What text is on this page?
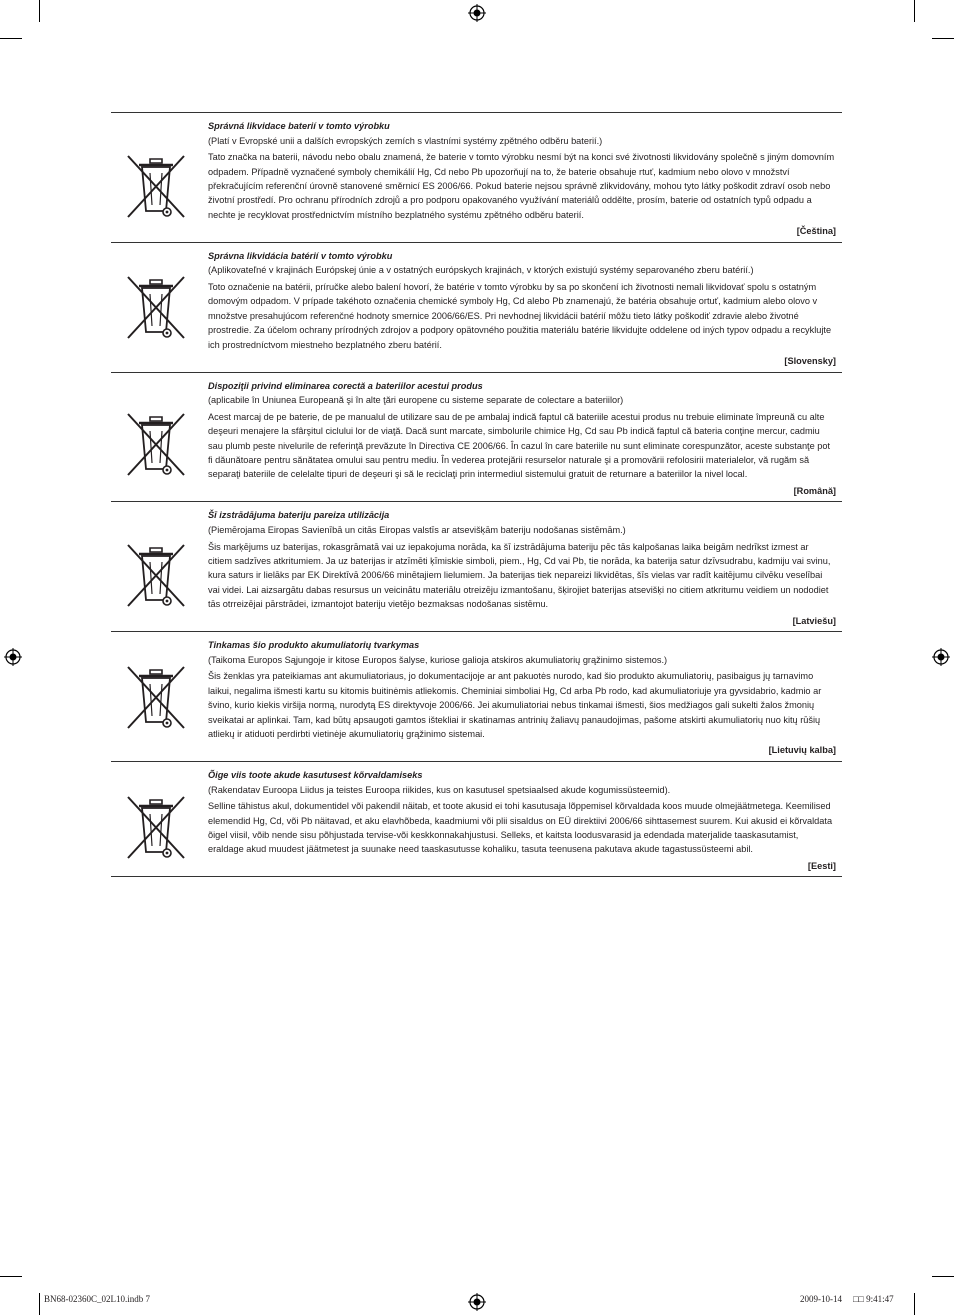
Správná likvidace baterií v tomto výrobku
(Platí v Evropské unii a dalších evropských zemích s vlastními systémy zpětného odběru baterií.)
Tato značka na baterii, návodu nebo obalu znamená, že baterie v tomto výrobku nesmí být na konci své životnosti likvidovány společně s jiným domovním odpadem. Případně vyznačené symboly chemikálií Hg, Cd nebo Pb upozorňují na to, že baterie obsahuje rtuť, kadmium nebo olovo v množství překračujícím referenční úrovně stanovené směrnicí ES 2006/66. Pokud baterie nejsou správně zlikvidovány, mohou tyto látky poškodit zdraví osob nebo životní prostředí. Pro ochranu přírodních zdrojů a pro podporu opakovaného využívání materiálů oddělte, prosím, baterie od ostatních typů odpadu a nechte je recyklovat prostřednictvím místního bezplatného systému zpětného odběru baterií.
[Čeština]
Správna likvidácia batérií v tomto výrobku
(Aplikovateľné v krajinách Európskej únie a v ostatných európskych krajinách, v ktorých existujú systémy separovaného zberu batérií.)
Toto označenie na batérii, príručke alebo balení hovorí, že batérie v tomto výrobku by sa po skončení ich životnosti nemali likvidovať spolu s ostatným domovým odpadom. V prípade takéhoto označenia chemické symboly Hg, Cd alebo Pb znamenajú, že batéria obsahuje ortuť, kadmium alebo olovo v množstve presahujúcom referenčné hodnoty smernice 2006/66/ES. Pri nevhodnej likvidácii batérií môžu tieto látky poškodiť zdravie alebo životné prostredie. Za účelom ochrany prírodných zdrojov a podpory opätovného použitia materiálu batérie likvidujte oddelene od iných typov odpadu a recyklujte ich prostredníctvom miestneho bezplatného zberu batérií.
[Slovensky]
Dispoziţii privind eliminarea corectă a bateriilor acestui produs
(aplicabile în Uniunea Europeană şi în alte ţări europene cu sisteme separate de colectare a bateriilor)
Acest marcaj de pe baterie, de pe manualul de utilizare sau de pe ambalaj indică faptul că bateriile acestui produs nu trebuie eliminate împreună cu alte deşeuri menajere la sfârşitul ciclului lor de viaţă. Dacă sunt marcate, simbolurile chimice Hg, Cd sau Pb indică faptul că bateria conţine mercur, cadmiu sau plumb peste nivelurile de referinţă prevăzute în Directiva CE 2006/66. În cazul în care bateriile nu sunt eliminate corespunzător, aceste substanţe pot fi dăunătoare pentru sănătatea omului sau pentru mediu. În vederea protejării resurselor naturale şi a promovării refolosirii materialelor, vă rugăm să separaţi bateriile de celelalte tipuri de deşeuri şi să le reciclaţi prin intermediul sistemului gratuit de returnare a bateriilor la nivel local.
[Română]
Šī izstrādājuma bateriju pareiza utilizācija
(Piemērojama Eiropas Savienībā un citās Eiropas valstīs ar atsevišķām bateriju nodošanas sistēmām.)
Šis marķējums uz baterijas, rokasgrāmatā vai uz iepakojuma norāda, ka šī izstrādājuma bateriju pēc tās kalpošanas laika beigām nedrīkst izmest ar citiem sadzīves atkritumiem. Ja uz baterijas ir atzīmēti ķīmiskie simboli, piem., Hg, Cd vai Pb, tie norāda, ka baterija satur dzīvsudrabu, kadmiju vai svinu, kura saturs ir lielāks par EK Direktīvā 2006/66 minētajiem lielumiem. Ja baterijas tiek nepareizi likvidētas, šīs vielas var radīt kaitējumu cilvēku veselībai vai videi. Lai aizsargātu dabas resursus un veicinātu materiālu otreizēju izmantošanu, šķirojiet baterijas atsevišķi no citiem atkritumu veidiem un nododiet tās otrreizējai pārstrādei, izmantojot bateriju vietējo bezmaksas nodošanas sistēmu.
[Latviešu]
Tinkamas šio produkto akumuliatorių tvarkymas
(Taikoma Europos Sąjungoje ir kitose Europos šalyse, kuriose galioja atskiros akumuliatorių grąžinimo sistemos.)
Šis ženklas yra pateikiamas ant akumuliatoriaus, jo dokumentacijoje ar ant pakuotės nurodo, kad šio produkto akumuliatorių, pasibaigus jų tarnavimo laikui, negalima išmesti kartu su kitomis buitinėmis atliekomis. Cheminiai simboliai Hg, Cd arba Pb rodo, kad akumuliatoriuje yra gyvsidabrio, kadmio ar švino, kurio kiekis viršija normą, nurodytą ES direktyvoje 2006/66. Jei akumuliatoriai nebus tinkamai išmesti, šios medžiagos gali sukelti žalos žmonių sveikatai ar aplinkai. Tam, kad būtų apsaugoti gamtos ištekliai ir skatinamas antrinių žaliavų panaudojimas, pašome atskirti akumuliatorių nuo kitų rūšių atliekų ir atiduoti perdirbti vietinėje akumuliatorių grąžinimo sistemai.
[Lietuvių kalba]
Õige viis toote akude kasutusest kõrvaldamiseks
(Rakendatav Euroopa Liidus ja teistes Euroopa riikides, kus on kasutusel spetsiaalsed akude kogumissüsteemid).
Selline tähistus akul, dokumentidel või pakendil näitab, et toote akusid ei tohi kasutusaja lõppemisel kõrvaldada koos muude olmejäätmetega. Keemilised elemendid Hg, Cd, või Pb näitavad, et aku elavhõbeda, kaadmiumi või plii sisaldus on EÜ direktiivi 2006/66 sihttasemest suurem. Kui akusid ei kõrvaldata õigel viisil, võib nende sisu põhjustada tervise-või keskkonnakahjustusi. Selleks, et kaitsta loodusvarasid ja edendada materjalide taaskasutamist, eraldage akud muudest jäätmetest ja suunake need taaskasutusse kohaliku, tasuta teenusena pakutava akude tagastussüsteemi abil.
[Eesti]
BN68-02360C_02L10.indb 7	2009-10-14 □□ 9:41:47
